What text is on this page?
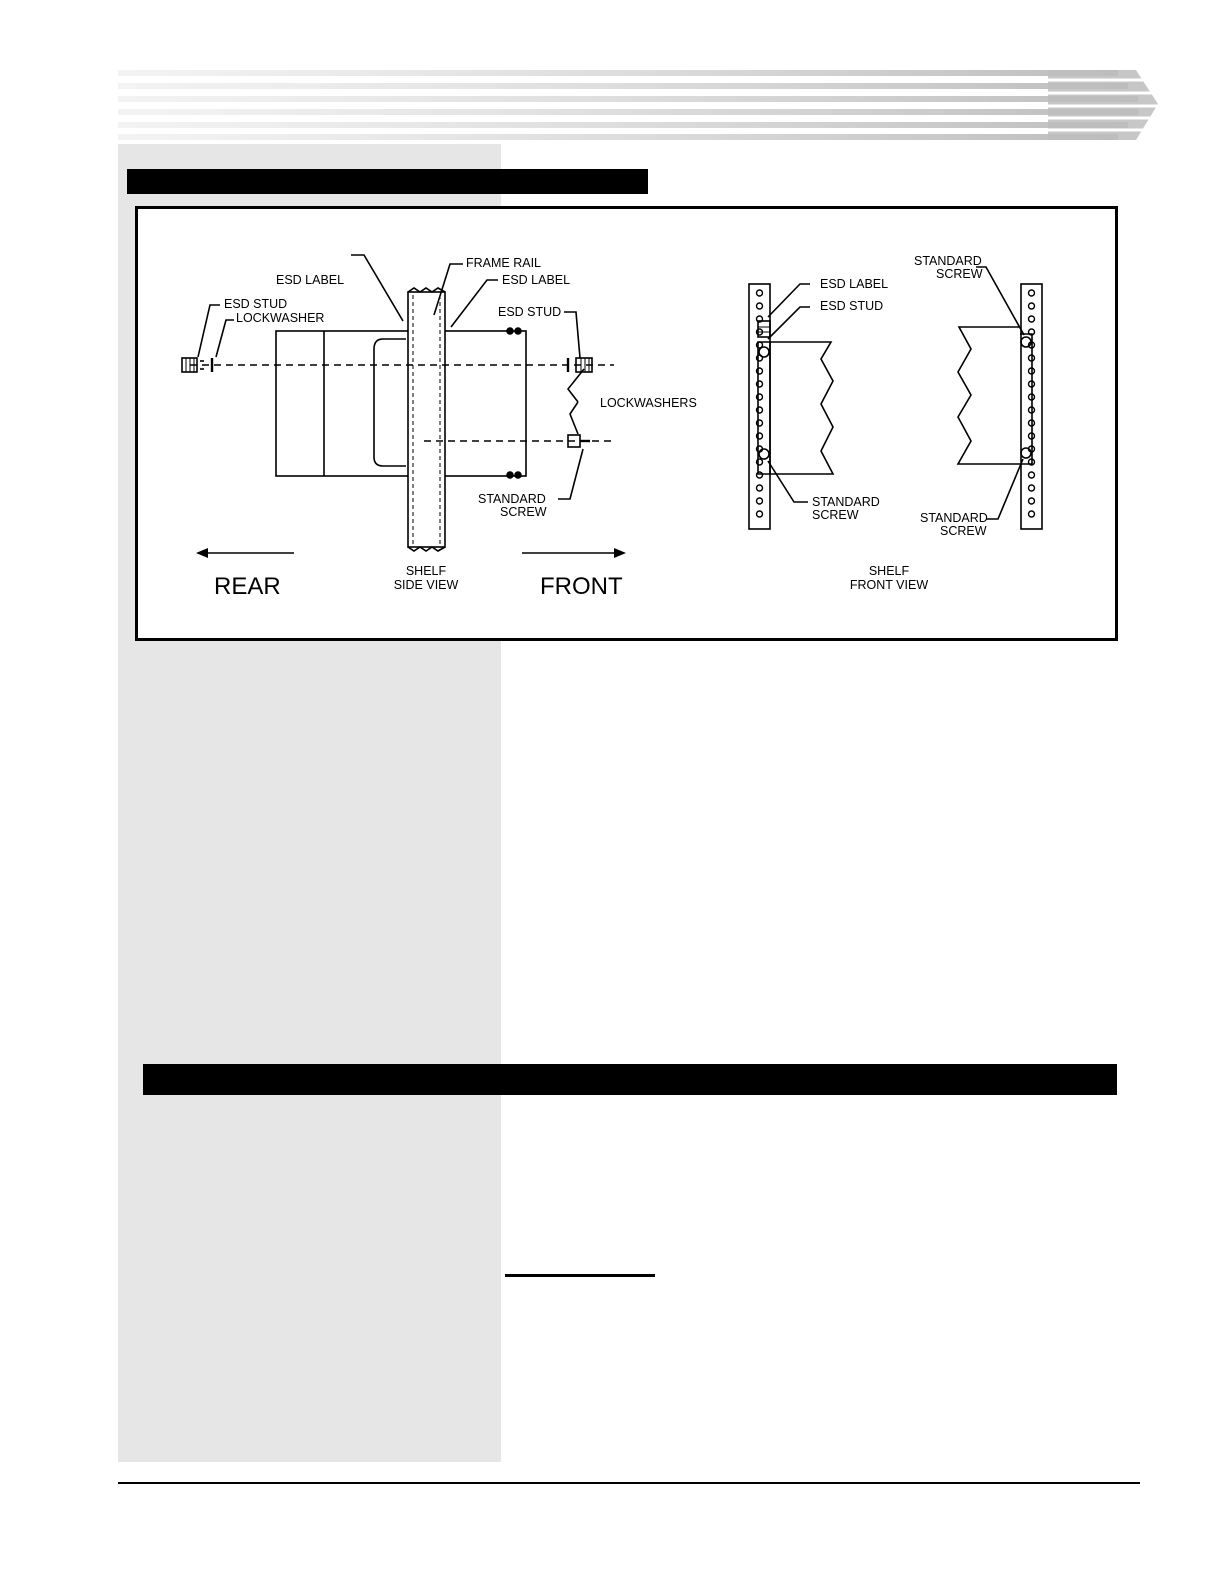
ESD LABEL
FRAME RAIL
ESD LABEL
ESD STUD
LOCKWASHER	ESD STUD
LOCKWASHERS
STANDARD
SCREW
REAR	FRONT
SHELF
SIDE VIEW
ESD LABEL
ESD STUD
STANDARD
SCREW
STANDARD
SCREW	STANDARD
SCREW
SHELF
FRONT VIEW
